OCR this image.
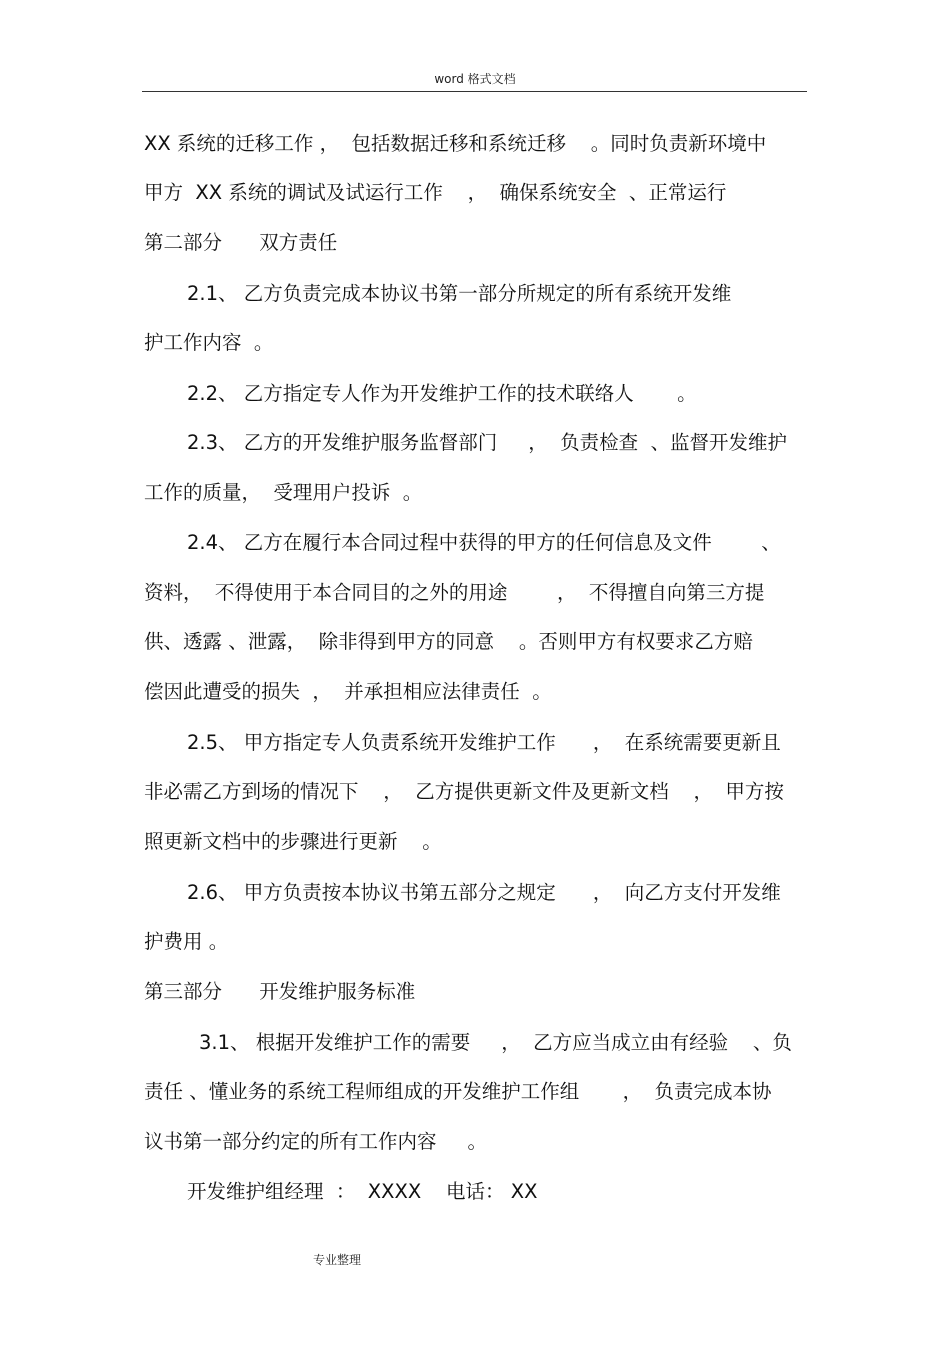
word 格式文档
XX 系统的迁移工作 ，  包括数据迁移和系统迁移    。同时负责新环境中
甲方  XX 系统的调试及试运行工作    ，  确保系统安全  、正常运行
第二部分      双方责任
2.1、 乙方负责完成本协议书第一部分所规定的所有系统开发维
护工作内容  。
2.2、 乙方指定专人作为开发维护工作的技术联络人       。
2.3、 乙方的开发维护服务监督部门     ，  负责检查  、监督开发维护
工作的质量，  受理用户投诉  。
2.4、 乙方在履行本合同过程中获得的甲方的任何信息及文件        、
资料，  不得使用于本合同目的之外的用途        ，  不得擅自向第三方提
供、透露 、泄露，  除非得到甲方的同意    。否则甲方有权要求乙方赔
偿因此遭受的损失  ，  并承担相应法律责任  。
2.5、 甲方指定专人负责系统开发维护工作      ，  在系统需要更新且
非必需乙方到场的情况下    ，  乙方提供更新文件及更新文档    ，  甲方按
照更新文档中的步骤进行更新    。
2.6、 甲方负责按本协议书第五部分之规定      ，  向乙方支付开发维
护费用 。
第三部分      开发维护服务标准
3.1、 根据开发维护工作的需要     ，  乙方应当成立由有经验    、负
责任 、懂业务的系统工程师组成的开发维护工作组       ，  负责完成本协
议书第一部分约定的所有工作内容     。
开发维护组经理  ：  XXXX    电话： XX
专业整理
